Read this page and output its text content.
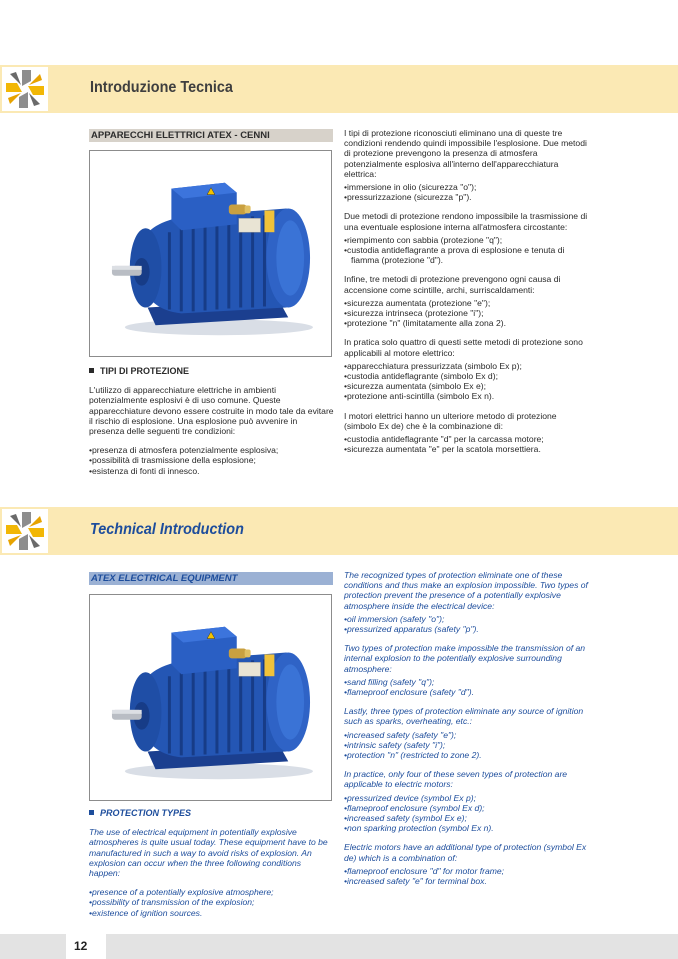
Introduzione Tecnica
APPARECCHI ELETTRICI ATEX - CENNI
TIPI DI PROTEZIONE

L'utilizzo di apparecchiature elettriche in ambienti potenzialmente esplosivi è di uso comune. Queste apparecchiature devono essere costruite in modo tale da evitare il rischio di esplosione. Una esplosione può avvenire in presenza delle seguenti tre condizioni:

• presenza di atmosfera potenzialmente esplosiva;
• possibilità di trasmissione della esplosione;
• esistenza di fonti di innesco.

I tipi di protezione riconosciuti eliminano una di queste tre condizioni rendendo quindi impossibile l'esplosione. Due metodi di protezione prevengono la presenza di atmosfera potenzialmente esplosiva all'interno dell'apparecchiatura elettrica:

• immersione in olio (sicurezza "o");
• pressurizzazione (sicurezza "p").

Due metodi di protezione rendono impossibile la trasmissione di una eventuale esplosione interna all'atmosfera circostante:

• riempimento con sabbia (protezione "q");
• custodia antideflagrante a prova di esplosione e tenuta di fiamma (protezione "d").

Infine, tre metodi di protezione prevengono ogni causa di accensione come scintille, archi, surriscaldamenti:

• sicurezza aumentata (protezione "e");
• sicurezza intrinseca (protezione "i");
• protezione "n" (limitatamente alla zona 2).

In pratica solo quattro di questi sette metodi di protezione sono applicabili al motore elettrico:

• apparecchiatura pressurizzata (simbolo Ex p);
• custodia antideflagrante (simbolo Ex d);
• sicurezza aumentata (simbolo Ex e);
• protezione anti-scintilla (simbolo Ex n).

I motori elettrici hanno un ulteriore metodo di protezione (simbolo Ex de) che è la combinazione di:

• custodia antideflagrante "d" per la carcassa motore;
• sicurezza aumentata "e" per la scatola morsettiera.
Technical Introduction
ATEX ELECTRICAL EQUIPMENT
PROTECTION TYPES

The use of electrical equipment in potentially explosive atmospheres is quite usual today. These equipment have to be manufactured in such a way to avoid risks of explosion. An explosion can occur when the three following conditions happen:

• presence of a potentially explosive atmosphere;
• possibility of transmission of the explosion;
• existence of ignition sources.

The recognized types of protection eliminate one of these conditions and thus make an explosion impossible. Two types of protection prevent the presence of a potentially explosive atmosphere inside the electrical device:

• oil immersion (safety "o");
• pressurized apparatus (safety "p").

Two types of protection make impossible the transmission of an internal explosion to the potentially explosive surrounding atmosphere:

• sand filling (safety "q");
• flameproof enclosure (safety "d").

Lastly, three types of protection eliminate any source of ignition such as sparks, overheating, etc.:

• increased safety (safety "e");
• intrinsic safety (safety "i");
• protection "n" (restricted to zone 2).

In practice, only four of these seven types of protection are applicable to electric motors:

• pressurized device (symbol Ex p);
• flameproof enclosure (symbol Ex d);
• increased safety (symbol Ex e);
• non sparking protection (symbol Ex n).

Electric motors have an additional type of protection (symbol Ex de) which is a combination of:

• flameproof enclosure "d" for motor frame;
• increased safety "e" for terminal box.
12
